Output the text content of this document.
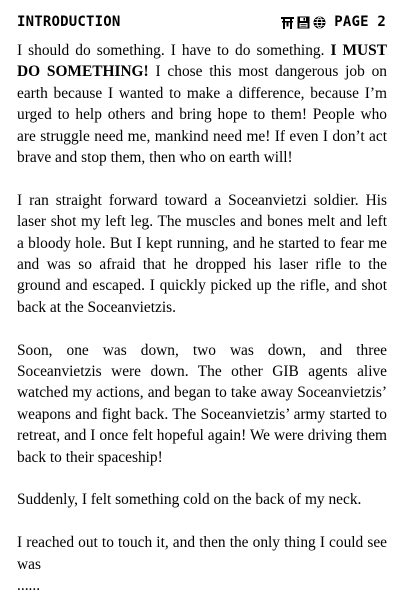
INTRODUCTION	PAGE 2

I should do something. I have to do something. I MUST DO SOMETHING! I chose this most dangerous job on earth because I wanted to make a difference, because I’m urged to help others and bring hope to them! People who are struggle need me, mankind need me! If even I don’t act brave and stop them, then who on earth will!

I ran straight forward toward a Soceanvietzi soldier. His laser shot my left leg. The muscles and bones melt and left a bloody hole. But I kept running, and he started to fear me and was so afraid that he dropped his laser rifle to the ground and escaped. I quickly picked up the rifle, and shot back at the Soceanvietzis.

Soon, one was down, two was down, and three Soceanvietzis were down. The other GIB agents alive watched my actions, and began to take away Soceanvietzis’ weapons and fight back. The Soceanvietzis’ army started to retreat, and I once felt hopeful again! We were driving them back to their spaceship!

Suddenly, I felt something cold on the back of my neck.

I reached out to touch it, and then the only thing I could see was

......
